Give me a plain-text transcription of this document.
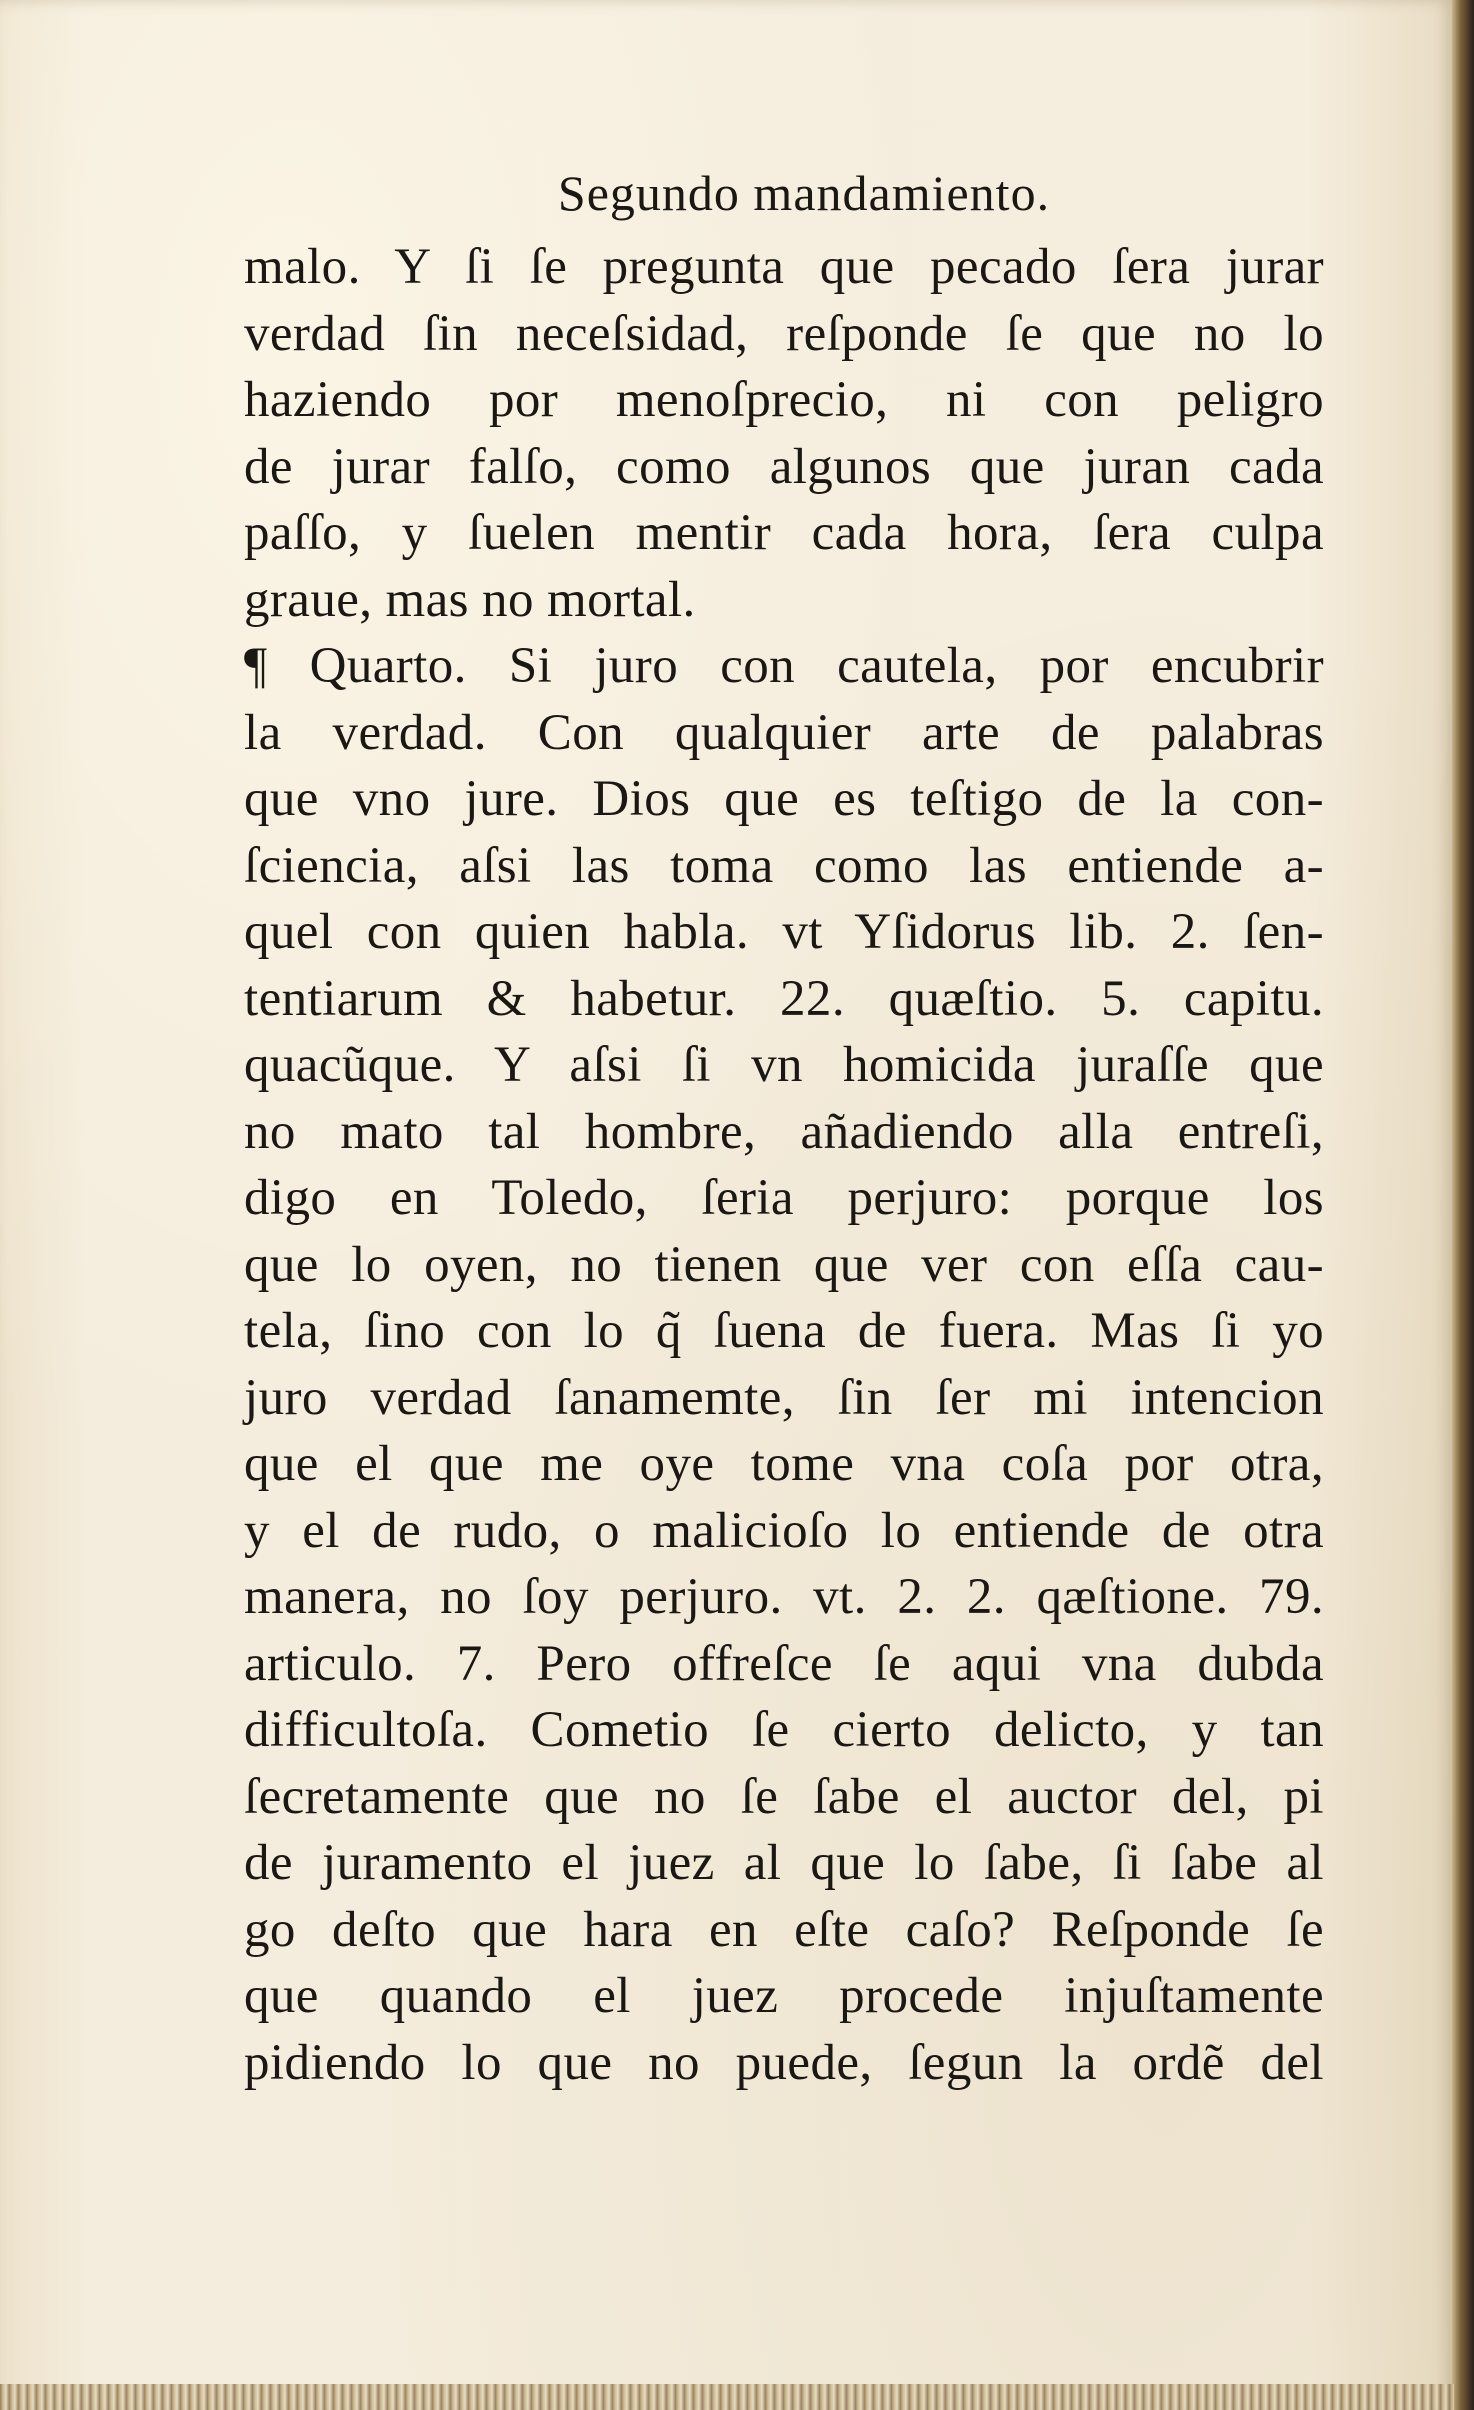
Segundo mandamiento.
malo. Y ſi ſe pregunta que pecado ſera jurar
verdad ſin neceſsidad, reſponde ſe que no lo
haziendo por menoſprecio, ni con peligro
de jurar falſo, como algunos que juran cada
paſſo, y ſuelen mentir cada hora, ſera culpa
graue, mas no mortal.
¶ Quarto. Si juro con cautela, por encubrir
la verdad. Con qualquier arte de palabras
que vno jure. Dios que es teſtigo de la con-
ſciencia, aſsi las toma como las entiende a-
quel con quien habla. vt Yſidorus lib. 2. ſen-
tentiarum & habetur. 22. quæſtio. 5. capitu.
quacũque. Y aſsi ſi vn homicida juraſſe que
no mato tal hombre, añadiendo alla entreſi,
digo en Toledo, ſeria perjuro: porque los
que lo oyen, no tienen que ver con eſſa cau-
tela, ſino con lo q̃ ſuena de fuera. Mas ſi yo
juro verdad ſanamemte, ſin ſer mi intencion
que el que me oye tome vna coſa por otra,
y el de rudo, o malicioſo lo entiende de otra
manera, no ſoy perjuro. vt. 2. 2. qæſtione. 79.
articulo. 7. Pero offreſce ſe aqui vna dubda
difficultoſa. Cometio ſe cierto delicto, y tan
ſecretamente que no ſe ſabe el auctor del, pi
de juramento el juez al que lo ſabe, ſi ſabe al
go deſto que hara en eſte caſo? Reſponde ſe
que quando el juez procede injuſtamente
pidiendo lo que no puede, ſegun la ordẽ del
